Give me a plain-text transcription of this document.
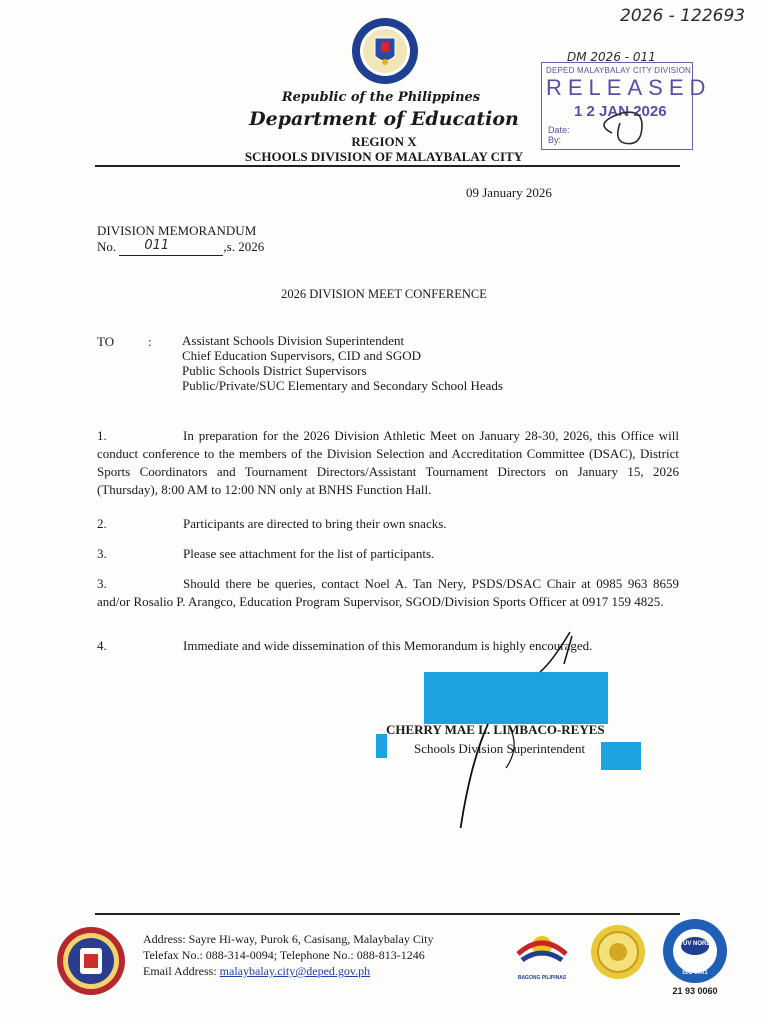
2026 - 122693
Republic of the Philippines
Department of Education
REGION X
SCHOOLS DIVISION OF MALAYBALAY CITY
DM 2026 - 011
DEPED MALAYBALAY CITY DIVISION
RELEASED
1 2 JAN 2026
Date:
By:
09 January 2026
DIVISION MEMORANDUM
No. 011	,s. 2026
2026 DIVISION MEET CONFERENCE
TO	: Assistant Schools Division Superintendent
Chief Education Supervisors, CID and SGOD
Public Schools District Supervisors
Public/Private/SUC Elementary and Secondary School Heads
1.	In preparation for the 2026 Division Athletic Meet on January 28-30, 2026, this Office will conduct conference to the members of the Division Selection and Accreditation Committee (DSAC), District Sports Coordinators and Tournament Directors/Assistant Tournament Directors on January 15, 2026 (Thursday), 8:00 AM to 12:00 NN only at BNHS Function Hall.
2.	Participants are directed to bring their own snacks.
3.	Please see attachment for the list of participants.
3.	Should there be queries, contact Noel A. Tan Nery, PSDS/DSAC Chair at 0985 963 8659 and/or Rosalio P. Arangco, Education Program Supervisor, SGOD/Division Sports Officer at 0917 159 4825.
4.	Immediate and wide dissemination of this Memorandum is highly encouraged.
CHERRY MAE L. LIMBACO-REYES
Schools Division Superintendent
Address: Sayre Hi-way, Purok 6, Casisang, Malaybalay City
Telefax No.: 088-314-0094; Telephone No.: 088-813-1246
Email Address: malaybalay.city@deped.gov.ph	BAGONG PILIPINAS
TÜV NORD
ISO 9001
21 93 0060
